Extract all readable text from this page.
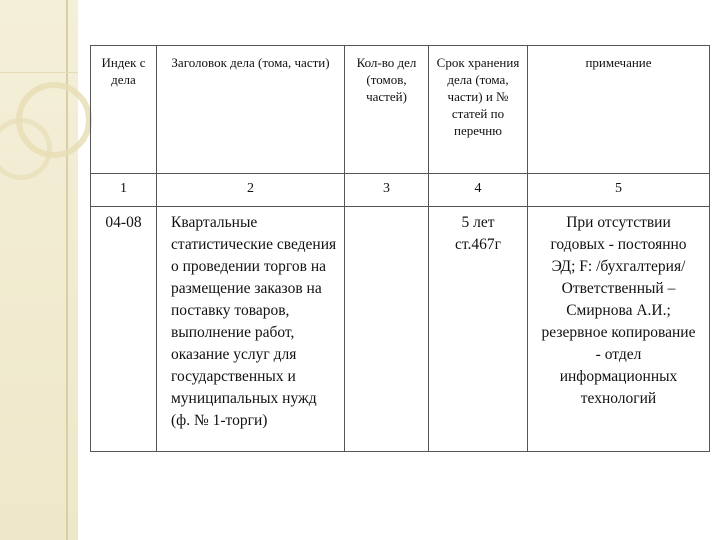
Индек с дела	Заголовок дела (тома, части)	Кол-во дел (томов, частей)	Срок хранения дела (тома, части) и № статей по перечню	примечание

1	2	3	4	5
04-08	Квартальные статистические сведения о проведении торгов на размещение заказов на поставку товаров, выполнение работ, оказание услуг для государственных и муниципальных нужд (ф. № 1-торги)		5 лет ст.467г	При отсутствии годовых - постоянно ЭД; F: /бухгалтерия/ Ответственный – Смирнова А.И.; резервное копирование - отдел информационных технологий
